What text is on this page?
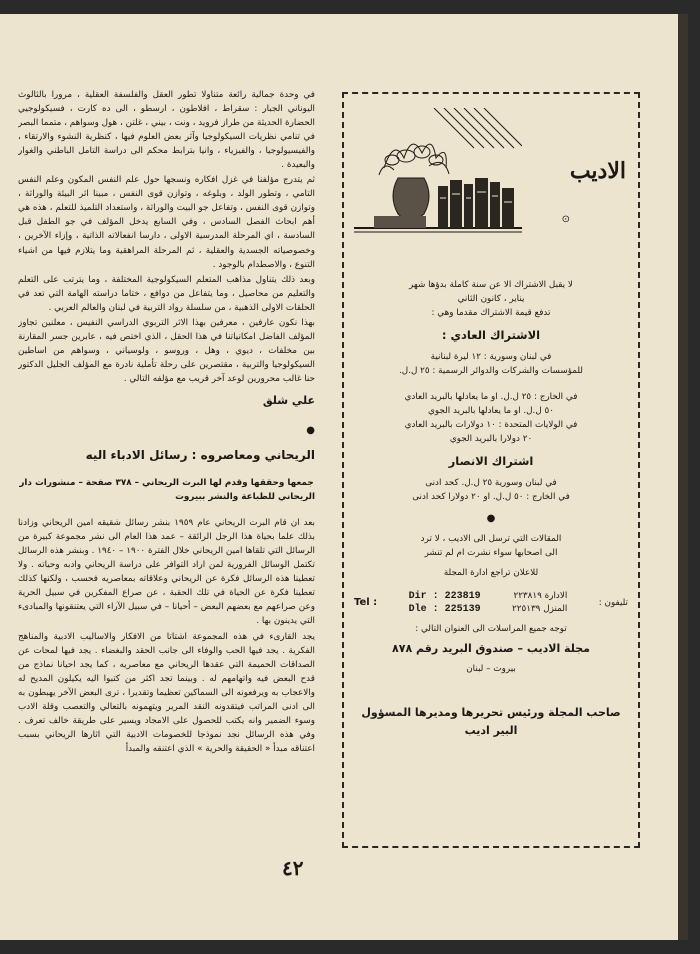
في وحدة جمالية رائعة متناولا تطور العقل والفلسفة العقلية ، مرورا بالثالوث اليوناني الجبار : سقراط ، افلاطون ، ارسطو ، الى ده كارت ، فسيكولوجيي الحضارة الحديثة من طراز فرويد ، ونت ، بيني ، غلتن ، هول وسواهم ، متمما البصر في تنامي نظريات السيكولوجيا وآثر بعض العلوم فيها ، كنظرية النشوء والارتقاء ، والفيسيولوجيا ، والفيزياء ، وانيا بترابط محكم الى دراسة التامل الباطني والغوار والبعيدة .

ثم يتدرج مؤلفنا في غزل افكاره ونسجها حول علم النفس المكون وعلم النفس التامي ، وتطور الولد ، وبلوغه ، وتوازن قوى النفس ، مبينا اثر البيئة والوراثة ، وتوازن قوى النفس ، وتفاعل جو البيت والوراثة ، واستعداد التلميذ للتعلم ، هذه هي أهم ابحاث الفصل السادس ، وفي السابع يدخل المؤلف في جو الطفل قبل السادسة ، اي المرحلة المدرسية الاولى ، دارسا انفعالاته الذاتية ، وإزاء الآخرين ، وخصوصياته الجسدية والعقلية ، ثم المرحلة المراهقية وما يتلازم فيها من اشياء التنوع ، والاصطدام بالوجود .

وبعد ذلك يتناول مذاهب المتعلم السيكولوجية المختلفة ، وما يترتب على التعلم والتعليم من محاصيل ، وما يتفاعل من دوافع ، ختاما دراسته الهامة التي تعد في الحلقات الاولى الذهبية ، من سلسلة رواد التربية في لبنان والعالم العربي .

بهذا نكون عارفين ، معرفين بهذا الاثر التربوي الدراسي النفيس ، معلنين تجاوز المؤلف الفاضل امكانياتنا في هذا الحقل ، الذي اختص فيه ، عابرين جسر المقارنة بين مخلفات ، ديوي ، وهل ، وروسو ، ولوسياني ، وسواهم من اساطين السيكولوجيا والتربية ، مقتصرين على رحلة تأملية نادرة مع المؤلف الجليل الدكتور حنا غالب محرورين لوعد آخر قريب مع مؤلفه التالي .

علي شلق
●
الريحاني ومعاصروه : رسائل الادباء اليه
جمعها وحققها وقدم لها البرت الريحاني – ٣٧٨ صفحة – منشورات دار الريحاني للطباعة والنشر ببيروت

بعد ان قام البرت الريحاني عام ١٩٥٩ بنشر رسائل شقيقه امين الريحاني وزادنا بذلك علما بحياة هذا الرجل الرائقة – عمد هذا العام الى نشر مجموعة كبيرة من الرسائل التي تلقاها امين الريحاني خلال الفترة ١٩٠٠ – ١٩٤٠ . وبنشر هذه الرسائل تكتمل الوسائل الفرورية لمن اراد التوافر على دراسة الريحاني وادبه وحياته . ولا تعطينا هذه الرسائل فكرة عن الريحاني وعلاقاته بمعاصريه فحسب ، ولكنها كذلك تعطينا فكرة عن الحياة في تلك الحقبة ، عن صراع المفكرين في سبيل الحرية وعن صراعهم مع بعضهم البعض – أحيانا – في سبيل الآراء التي يعتنقونها والمبادىء التي يدينون بها .

يجد القارىء في هذه المجموعة اشتاتا من الافكار والاساليب الادبية والمناهج الفكرية . يجد فيها الحب والوفاء الى جانب الحقد والبغضاء . يجد فيها لمحات عن الصداقات الحميمة التي عقدها الريحاني مع معاصريه ، كما يجد احيانا نماذج من قدح البعض فيه واتهامهم له . وبينما تجد اكثر من كتبوا اليه يكيلون المديح له والاعجاب به ويرفعونه الى السماكين تعظيما وتقديرا ، ترى البعض الآخر يهبطون به الى ادنى المراتب فيتقدونه النقد المرير ويتهمونه بالتعالي والتعصب وقلة الادب وسوء الضمير وانه يكتب للحصول على الامجاد ويسير على طريقة خالف تعرف . وفي هذه الرسائل نجد نموذجا للخصومات الادبية التي اثارها الريحاني بسبب اعتناقه مبدأ « الحقيقة والحرية » الذي اعتنقه والمبدأ

الاديب
⊙
لا يقبل الاشتراك الا عن سنة كاملة بدؤها شهر
يناير ، كانون الثاني
تدفع قيمة الاشتراك مقدما وهي :
الاشتراك العادي :
في لبنان وسورية : ١٢ ليرة لبنانية
للمؤسسات والشركات والدوائر الرسمية : ٢٥ ل.ل.
في الخارج : ٢٥ ل.ل. او ما يعادلها بالبريد العادي
٥٠ ل.ل. او ما يعادلها بالبريد الجوي
في الولايات المتحدة : ١٠ دولارات بالبريد العادي
٢٠ دولارا بالبريد الجوي
اشتراك الانصار
في لبنان وسورية ٢٥ ل.ل. كحد ادنى
في الخارج : ٥٠ ل.ل. او ٢٠ دولارا كحد ادنى
●
المقالات التي ترسل الى الاديب ، لا ترد
الى اصحابها سواء نشرت ام لم تنشر
للاعلان تراجع ادارة المجلة
Tel :
Dir : 223819
Dle : 225139
الادارة ٢٢٣٨١٩
المنزل ٢٢٥١٣٩
تليفون :
توجه جميع المراسلات الى العنوان التالي :
مجلة الاديب – صندوق البريد رقم ٨٧٨
بيروت – لبنان
صاحب المجلة ورئيس تحريرها ومديرها المسؤول
البير اديب
٤٢
